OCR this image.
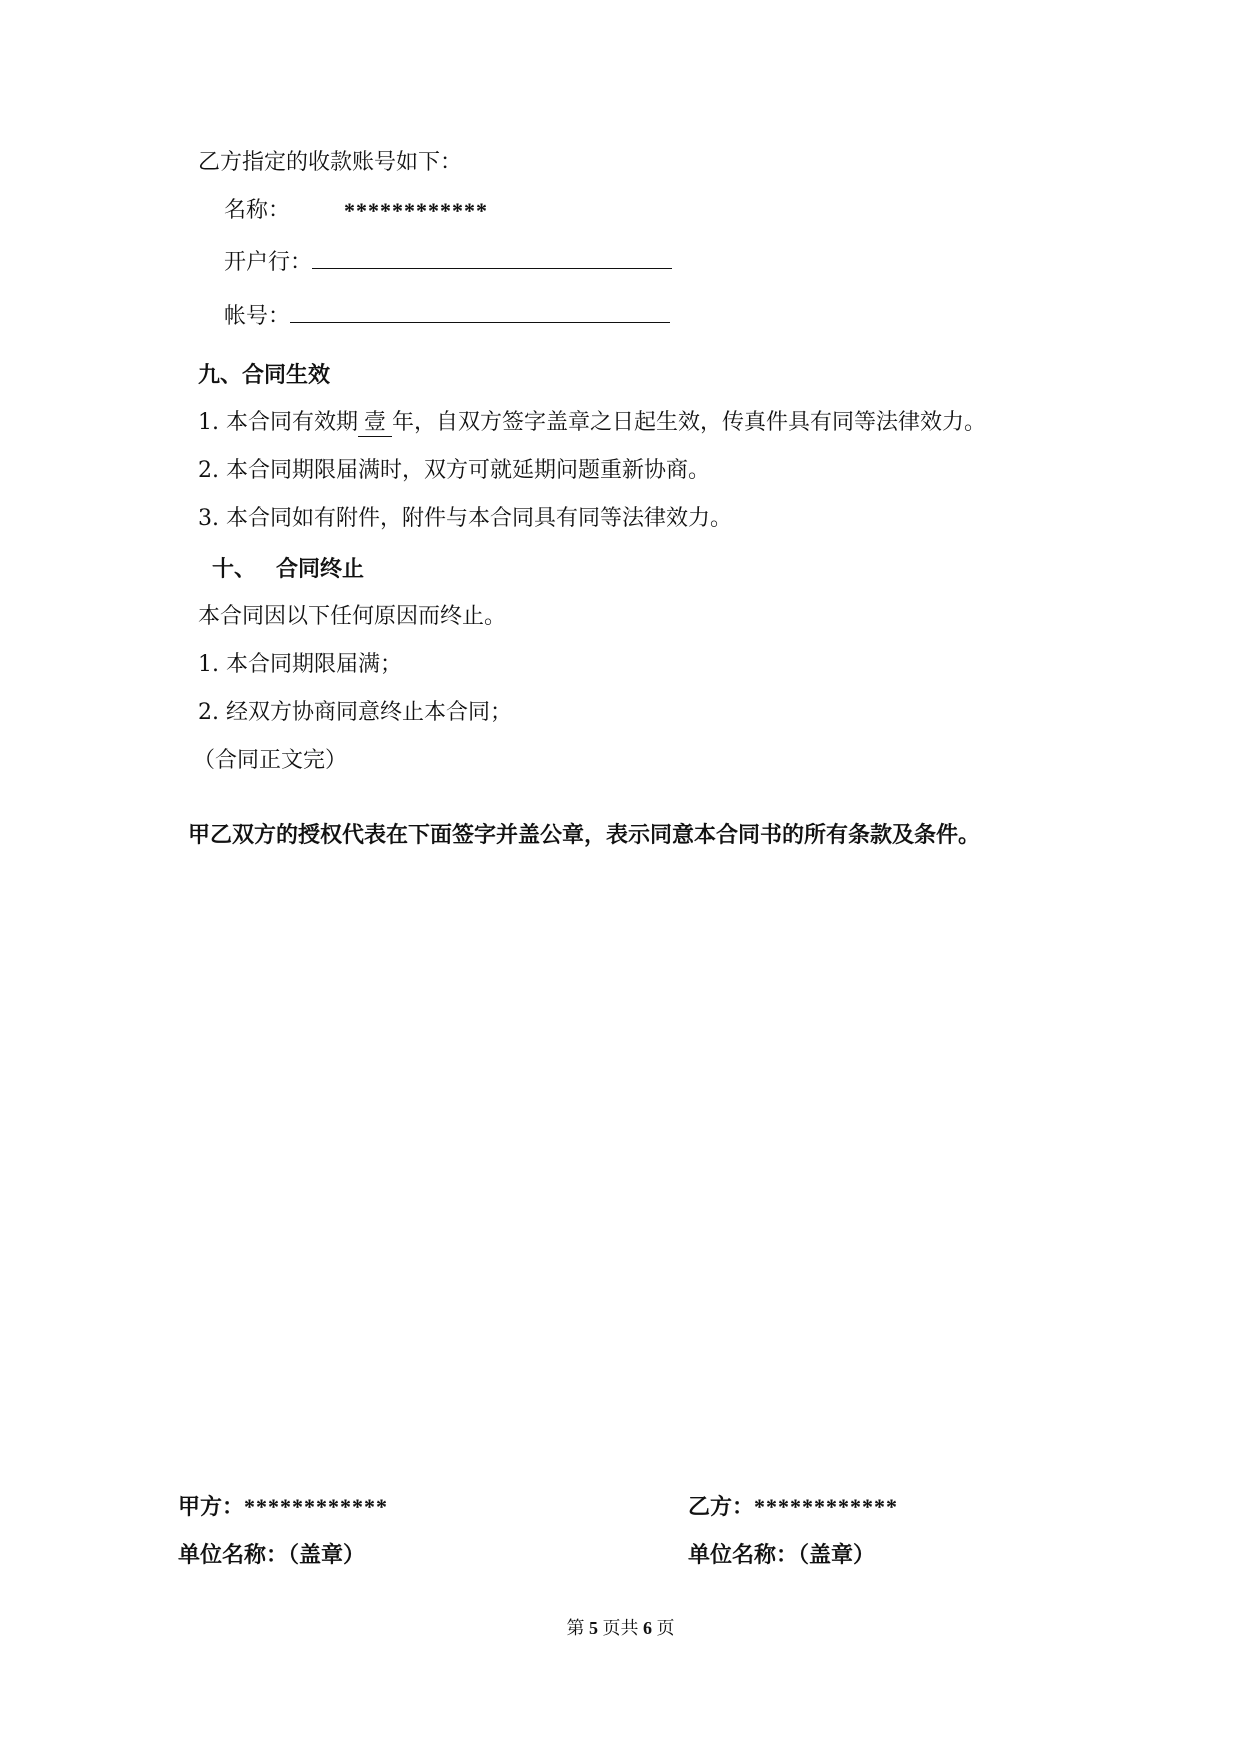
乙方指定的收款账号如下：
名称： ************
开户行：
帐号：
九、合同生效
1. 本合同有效期 壹 年，自双方签字盖章之日起生效，传真件具有同等法律效力。
2. 本合同期限届满时，双方可就延期问题重新协商。
3. 本合同如有附件，附件与本合同具有同等法律效力。
十、 合同终止
本合同因以下任何原因而终止。
1. 本合同期限届满；
2. 经双方协商同意终止本合同；
（合同正文完）
甲乙双方的授权代表在下面签字并盖公章，表示同意本合同书的所有条款及条件。
甲方：************	乙方：************
单位名称：（盖章）	单位名称：（盖章）
第 5 页共 6 页
